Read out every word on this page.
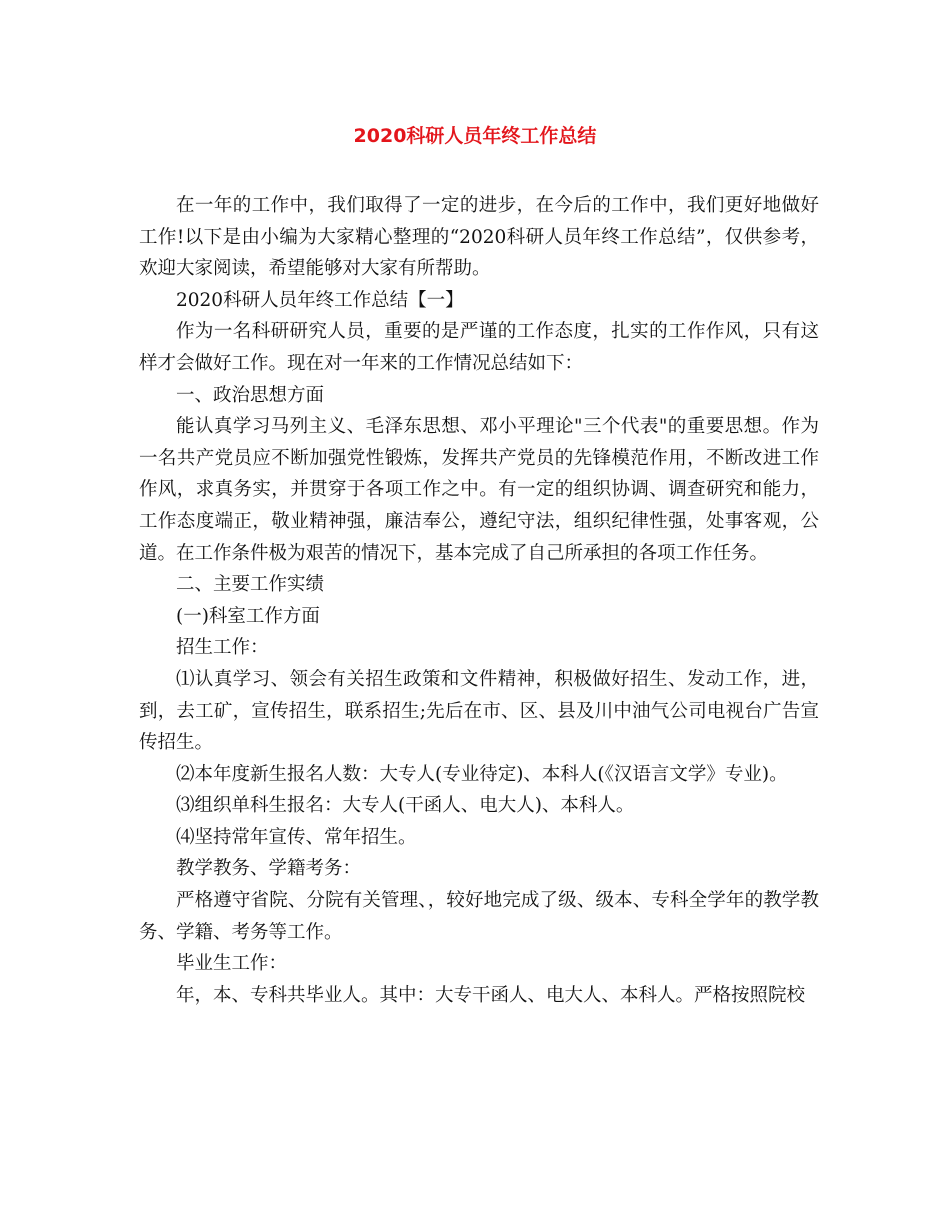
2020科研人员年终工作总结

在一年的工作中，我们取得了一定的进步，在今后的工作中，我们更好地做好工作!以下是由小编为大家精心整理的“2020科研人员年终工作总结”，仅供参考，欢迎大家阅读，希望能够对大家有所帮助。

2020科研人员年终工作总结【一】

作为一名科研研究人员，重要的是严谨的工作态度，扎实的工作作风，只有这样才会做好工作。现在对一年来的工作情况总结如下：

一、政治思想方面

能认真学习马列主义、毛泽东思想、邓小平理论"三个代表"的重要思想。作为一名共产党员应不断加强党性锻炼，发挥共产党员的先锋模范作用，不断改进工作作风，求真务实，并贯穿于各项工作之中。有一定的组织协调、调查研究和能力，工作态度端正，敬业精神强，廉洁奉公，遵纪守法，组织纪律性强，处事客观，公道。在工作条件极为艰苦的情况下，基本完成了自己所承担的各项工作任务。

二、主要工作实绩

(一)科室工作方面

招生工作：

⑴认真学习、领会有关招生政策和文件精神，积极做好招生、发动工作，进，到，去工矿，宣传招生，联系招生;先后在市、区、县及川中油气公司电视台广告宣传招生。

⑵本年度新生报名人数：大专人(专业待定)、本科人(《汉语言文学》专业)。

⑶组织单科生报名：大专人(干函人、电大人)、本科人。

⑷坚持常年宣传、常年招生。

教学教务、学籍考务：

严格遵守省院、分院有关管理、，较好地完成了级、级本、专科全学年的教学教务、学籍、考务等工作。

毕业生工作：

年，本、专科共毕业人。其中：大专干函人、电大人、本科人。严格按照院校
